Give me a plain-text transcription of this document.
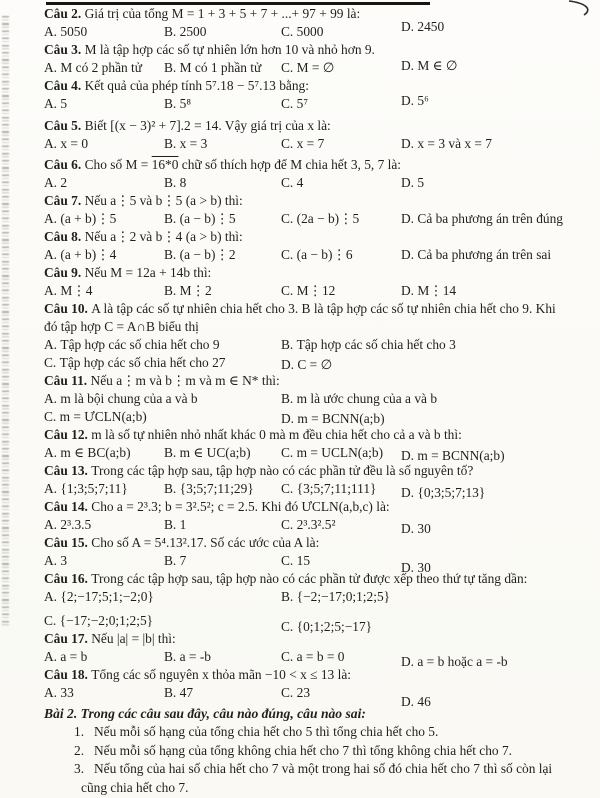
Câu 2. Giá trị của tổng M = 1 + 3 + 5 + 7 + ...+ 97 + 99 là:
A. 5050	B. 2500	C. 5000	D. 2450
Câu 3. M là tập hợp các số tự nhiên lớn hơn 10 và nhỏ hơn 9.
A. M có 2 phần tử	B. M có 1 phần tử	C. M = ∅	D. M ∈ ∅
Câu 4. Kết quả của phép tính 5⁷.18 − 5⁷.13 bằng:
A. 5	B. 5⁸	C. 5⁷	D. 5⁶
Câu 5. Biết [(x − 3)² + 7].2 = 14. Vậy giá trị của x là:
A. x = 0	B. x = 3	C. x = 7	D. x = 3 và x = 7
Câu 6. Cho số M = 16*0 chữ số thích hợp để M chia hết 3, 5, 7 là:
A. 2	B. 8	C. 4	D. 5
Câu 7. Nếu a⋮5 và b⋮5 (a > b) thì:
A. (a + b)⋮5	B. (a − b)⋮5	C. (2a − b)⋮5	D. Cả ba phương án trên đúng
Câu 8. Nếu a⋮2 và b⋮4 (a > b) thì:
A. (a + b)⋮4	B. (a − b)⋮2	C. (a − b)⋮6	D. Cả ba phương án trên sai
Câu 9. Nếu M = 12a + 14b thì:
A. M⋮4	B. M⋮2	C. M⋮12	D. M⋮14
Câu 10. A là tập các số tự nhiên chia hết cho 3. B là tập hợp các số tự nhiên chia hết cho 9. Khi
đó tập hợp C = A∩B biểu thị
A. Tập hợp các số chia hết cho 9	B. Tập hợp các số chia hết cho 3
C. Tập hợp các số chia hết cho 27	D. C = ∅
Câu 11. Nếu a⋮m và b⋮m và m ∈ N* thì:
A. m là bội chung của a và b	B. m là ước chung của a và b
C. m = ƯCLN(a;b)	D. m = BCNN(a;b)
Câu 12. m là số tự nhiên nhỏ nhất khác 0 mà m đều chia hết cho cả a và b thì:
A. m ∈ BC(a;b)	B. m ∈ UC(a;b)	C. m = UCLN(a;b)	D. m = BCNN(a;b)
Câu 13. Trong các tập hợp sau, tập hợp nào có các phần tử đều là số nguyên tố?
A. {1;3;5;7;11}	B. {3;5;7;11;29}	C. {3;5;7;11;111}	D. {0;3;5;7;13}
Câu 14. Cho a = 2³.3; b = 3².5²; c = 2.5. Khi đó ƯCLN(a,b,c) là:
A. 2³.3.5	B. 1	C. 2³.3².5²	D. 30
Câu 15. Cho số A = 5⁴.13².17. Số các ước của A là:
A. 3	B. 7	C. 15	D. 30
Câu 16. Trong các tập hợp sau, tập hợp nào có các phần tử được xếp theo thứ tự tăng dần:
A. {2;−17;5;1;−2;0}	B. {−2;−17;0;1;2;5}
C. {−17;−2;0;1;2;5}	C. {0;1;2;5;−17}
Câu 17. Nếu |a| = |b| thì:
A. a = b	B. a = -b	C. a = b = 0	D. a = b hoặc a = -b
Câu 18. Tổng các số nguyên x thỏa mãn −10 < x ≤ 13 là:
A. 33	B. 47	C. 23
D. 46
Bài 2. Trong các câu sau đây, câu nào đúng, câu nào sai:
1. Nếu mỗi số hạng của tổng chia hết cho 5 thì tổng chia hết cho 5.
2. Nếu mỗi số hạng của tổng không chia hết cho 7 thì tổng không chia hết cho 7.
3. Nếu tổng của hai số chia hết cho 7 và một trong hai số đó chia hết cho 7 thì số còn lại
cũng chia hết cho 7.
